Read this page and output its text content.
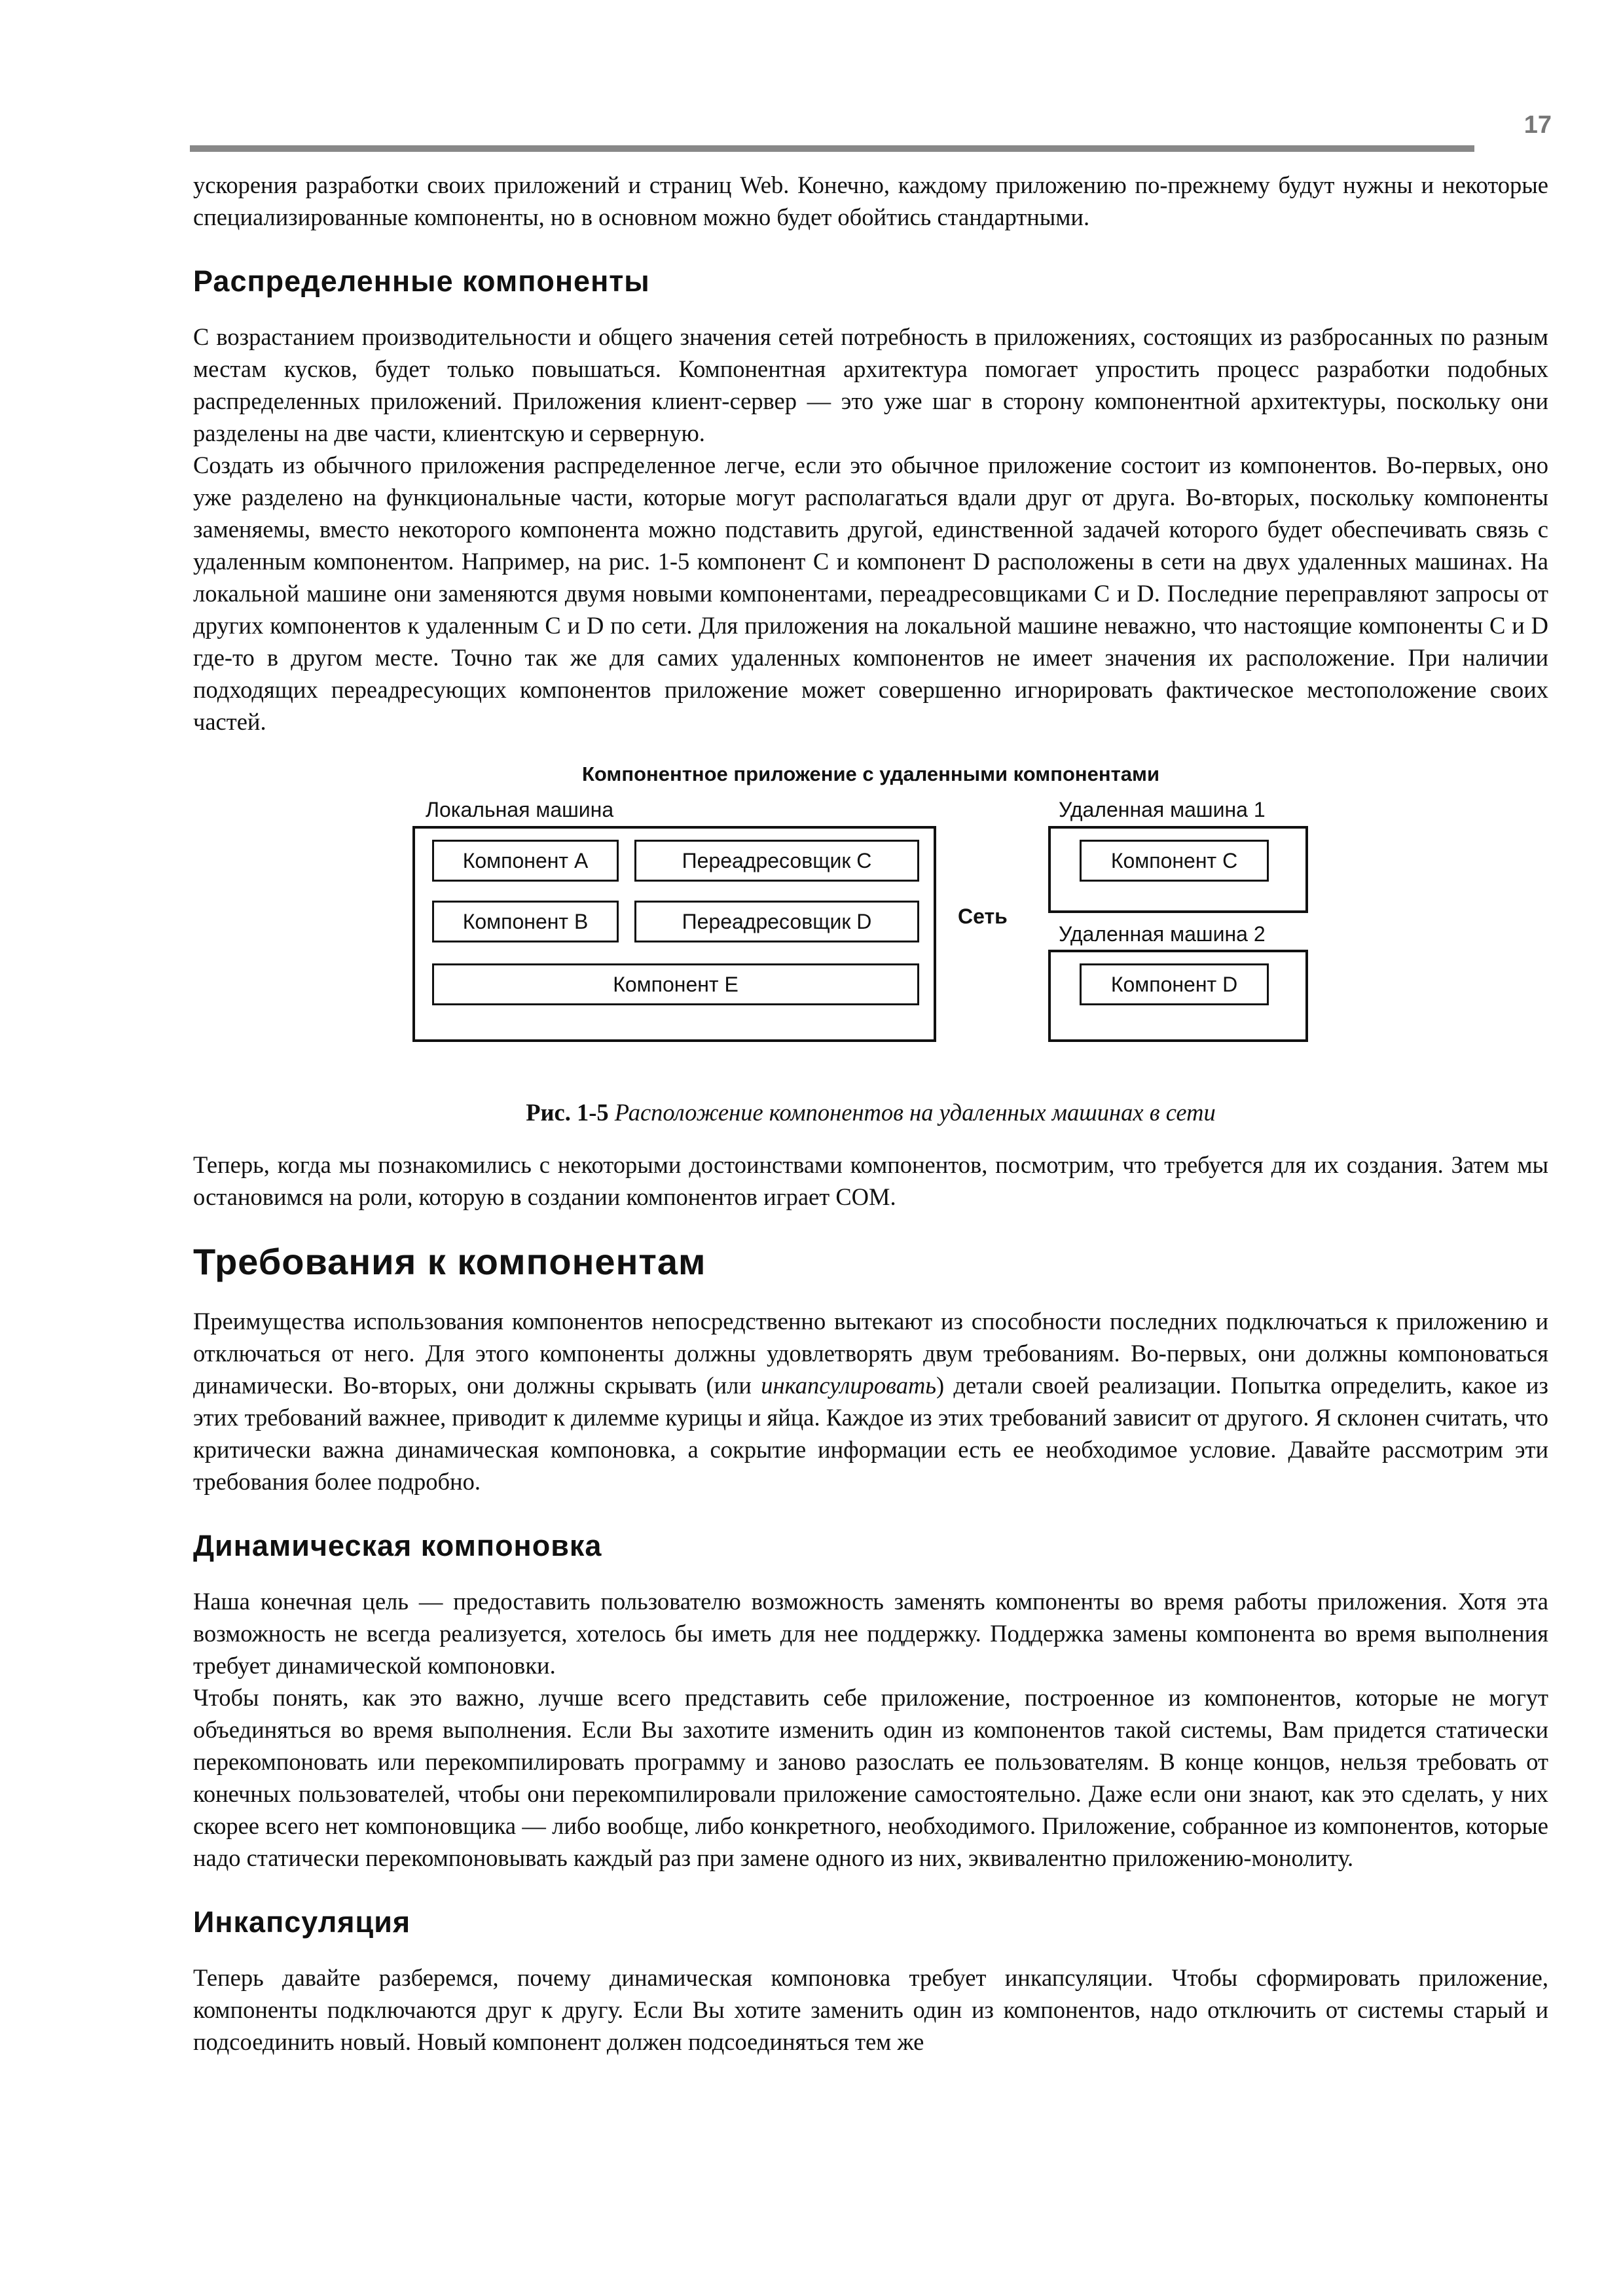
17

ускорения разработки своих приложений и страниц Web. Конечно, каждому приложению по-прежнему будут нужны и некоторые специализированные компоненты, но в основном можно будет обойтись стандартными.

Распределенные компоненты

С возрастанием производительности и общего значения сетей потребность в приложениях, состоящих из разбросанных по разным местам кусков, будет только повышаться. Компонентная архитектура помогает упростить процесс разработки подобных распределенных приложений. Приложения клиент-сервер — это уже шаг в сторону компонентной архитектуры, поскольку они разделены на две части, клиентскую и серверную.

Создать из обычного приложения распределенное легче, если это обычное приложение состоит из компонентов. Во-первых, оно уже разделено на функциональные части, которые могут располагаться вдали друг от друга. Во-вторых, поскольку компоненты заменяемы, вместо некоторого компонента можно подставить другой, единственной задачей которого будет обеспечивать связь с удаленным компонентом. Например, на рис. 1-5 компонент C и компонент D расположены в сети на двух удаленных машинах. На локальной машине они заменяются двумя новыми компонентами, переадресовщиками C и D. Последние переправляют запросы от других компонентов к удаленным C и D по сети. Для приложения на локальной машине неважно, что настоящие компоненты C и D где-то в другом месте. Точно так же для самих удаленных компонентов не имеет значения их расположение. При наличии подходящих переадресующих компонентов приложение может совершенно игнорировать фактическое местоположение своих частей.

Компонентное приложение с удаленными компонентами
Локальная машина
Компонент A	Переадресовщик C
Компонент B	Переадресовщик D
Компонент E
Сеть
Удаленная машина 1
Компонент C
Удаленная машина 2
Компонент D
Рис. 1-5 Расположение компонентов на удаленных машинах в сети

Теперь, когда мы познакомились с некоторыми достоинствами компонентов, посмотрим, что требуется для их создания. Затем мы остановимся на роли, которую в создании компонентов играет COM.

Требования к компонентам

Преимущества использования компонентов непосредственно вытекают из способности последних подключаться к приложению и отключаться от него. Для этого компоненты должны удовлетворять двум требованиям. Во-первых, они должны компоноваться динамически. Во-вторых, они должны скрывать (или инкапсулировать) детали своей реализации. Попытка определить, какое из этих требований важнее, приводит к дилемме курицы и яйца. Каждое из этих требований зависит от другого. Я склонен считать, что критически важна динамическая компоновка, а сокрытие информации есть ее необходимое условие. Давайте рассмотрим эти требования более подробно.

Динамическая компоновка

Наша конечная цель — предоставить пользователю возможность заменять компоненты во время работы приложения. Хотя эта возможность не всегда реализуется, хотелось бы иметь для нее поддержку. Поддержка замены компонента во время выполнения требует динамической компоновки.

Чтобы понять, как это важно, лучше всего представить себе приложение, построенное из компонентов, которые не могут объединяться во время выполнения. Если Вы захотите изменить один из компонентов такой системы, Вам придется статически перекомпоновать или перекомпилировать программу и заново разослать ее пользователям. В конце концов, нельзя требовать от конечных пользователей, чтобы они перекомпилировали приложение самостоятельно. Даже если они знают, как это сделать, у них скорее всего нет компоновщика — либо вообще, либо конкретного, необходимого. Приложение, собранное из компонентов, которые надо статически перекомпоновывать каждый раз при замене одного из них, эквивалентно приложению-монолиту.

Инкапсуляция

Теперь давайте разберемся, почему динамическая компоновка требует инкапсуляции. Чтобы сформировать приложение, компоненты подключаются друг к другу. Если Вы хотите заменить один из компонентов, надо отключить от системы старый и подсоединить новый. Новый компонент должен подсоединяться тем же
